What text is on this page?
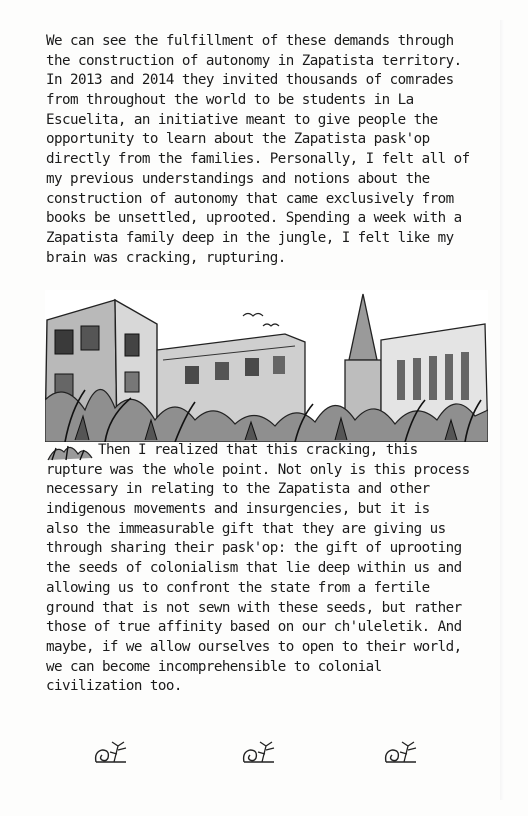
We can see the fulfillment of these demands through
the construction of autonomy in Zapatista territory.
In 2013 and 2014 they invited thousands of comrades
from throughout the world to be students in La
Escuelita, an initiative meant to give people the
opportunity to learn about the Zapatista pask'op
directly from the families. Personally, I felt all of
my previous understandings and notions about the
construction of autonomy that came exclusively from
books be unsettled, uprooted. Spending a week with a
Zapatista family deep in the jungle, I felt like my
brain was cracking, rupturing.
Then I realized that this cracking, this
rupture was the whole point. Not only is this process
necessary in relating to the Zapatista and other
indigenous movements and insurgencies, but it is
also the immeasurable gift that they are giving us
through sharing their pask'op: the gift of uprooting
the seeds of colonialism that lie deep within us and
allowing us to confront the state from a fertile
ground that is not sewn with these seeds, but rather
those of true affinity based on our ch'uleletik. And
maybe, if we allow ourselves to open to their world,
we can become incomprehensible to colonial
civilization too.
